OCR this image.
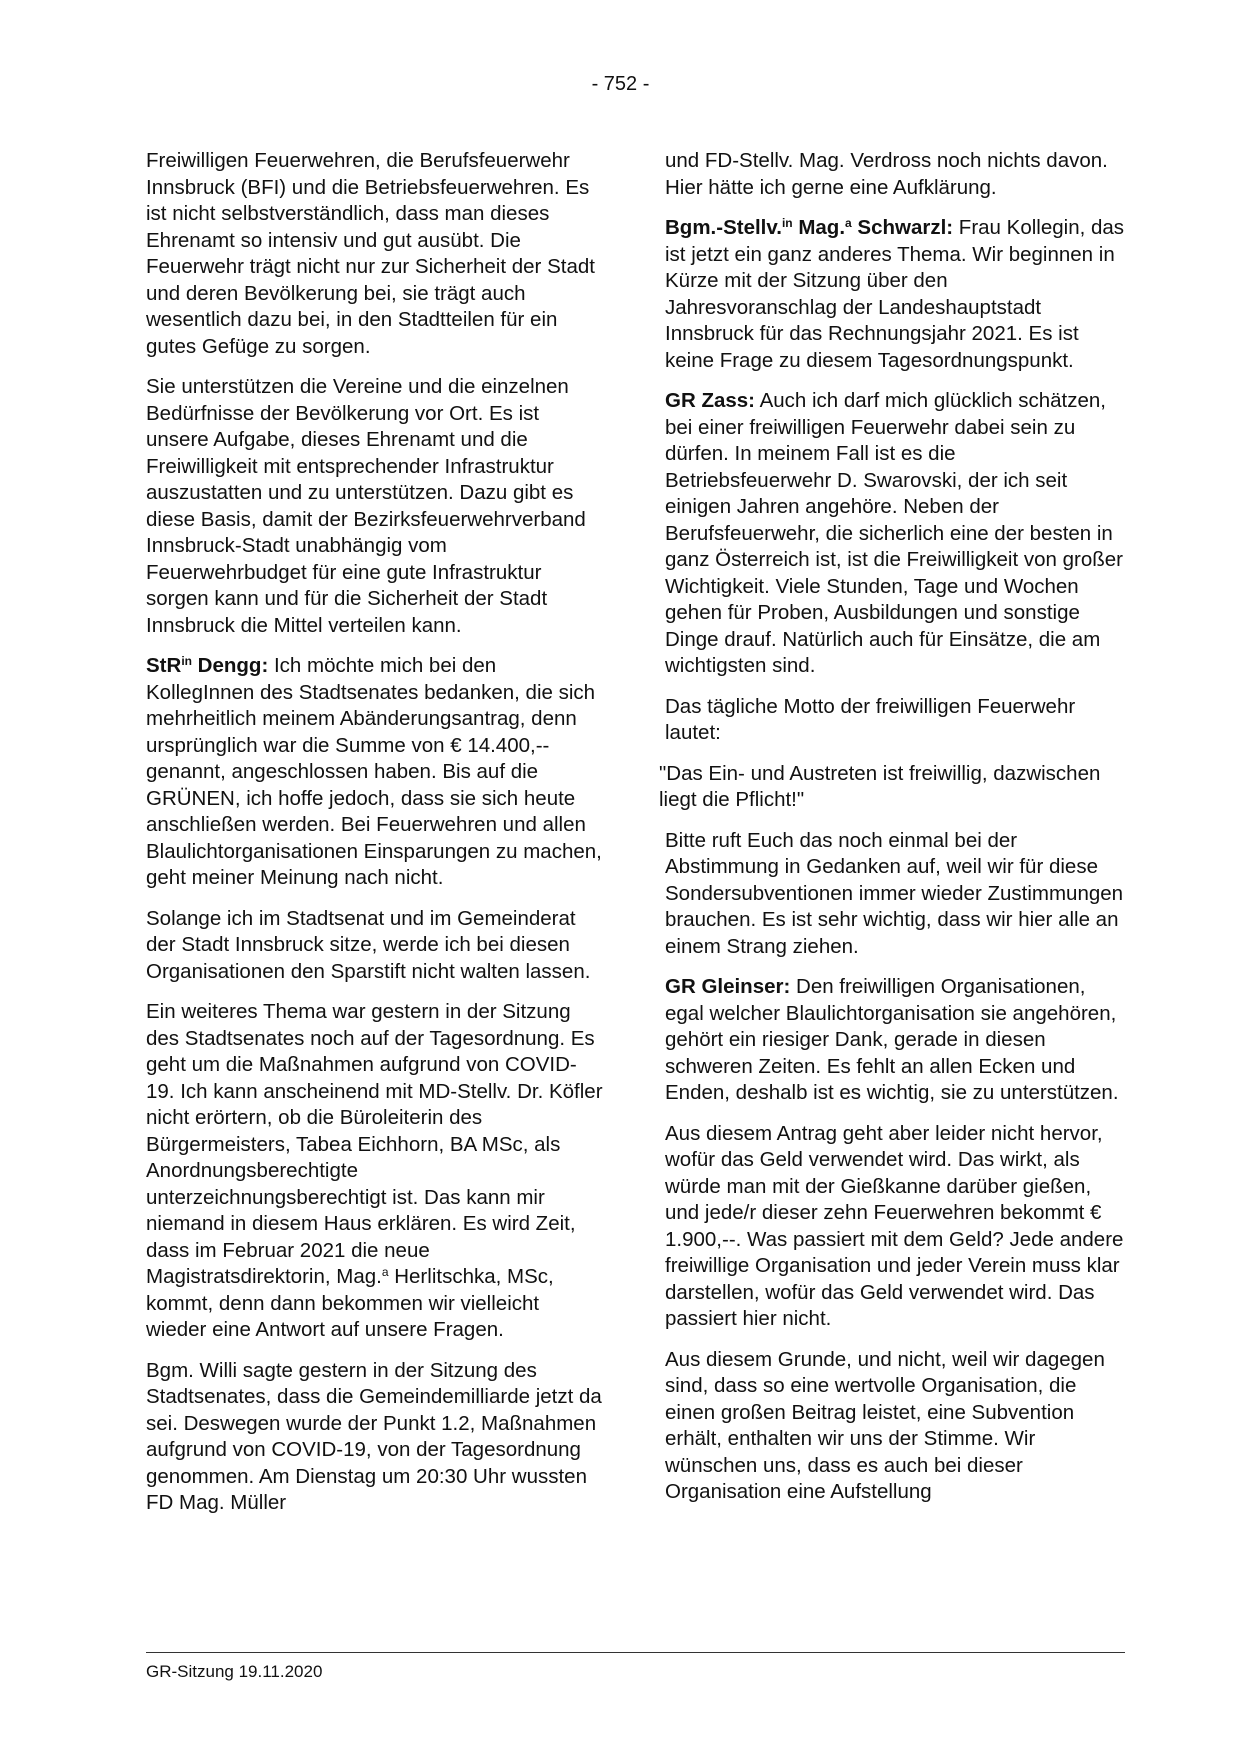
- 752 -

Freiwilligen Feuerwehren, die Berufsfeuerwehr Innsbruck (BFI) und die Betriebsfeuerwehren. Es ist nicht selbstverständlich, dass man dieses Ehrenamt so intensiv und gut ausübt. Die Feuerwehr trägt nicht nur zur Sicherheit der Stadt und deren Bevölkerung bei, sie trägt auch wesentlich dazu bei, in den Stadtteilen für ein gutes Gefüge zu sorgen.

Sie unterstützen die Vereine und die einzelnen Bedürfnisse der Bevölkerung vor Ort. Es ist unsere Aufgabe, dieses Ehrenamt und die Freiwilligkeit mit entsprechender Infrastruktur auszustatten und zu unterstützen. Dazu gibt es diese Basis, damit der Bezirksfeuerwehrverband Innsbruck-Stadt unabhängig vom Feuerwehrbudget für eine gute Infrastruktur sorgen kann und für die Sicherheit der Stadt Innsbruck die Mittel verteilen kann.

StR$^{in}$ Dengg: Ich möchte mich bei den KollegInnen des Stadtsenates bedanken, die sich mehrheitlich meinem Abänderungsantrag, denn ursprünglich war die Summe von € 14.400,-- genannt, angeschlossen haben. Bis auf die GRÜNEN, ich hoffe jedoch, dass sie sich heute anschließen werden. Bei Feuerwehren und allen Blaulichtorganisationen Einsparungen zu machen, geht meiner Meinung nach nicht.

Solange ich im Stadtsenat und im Gemeinderat der Stadt Innsbruck sitze, werde ich bei diesen Organisationen den Sparstift nicht walten lassen.

Ein weiteres Thema war gestern in der Sitzung des Stadtsenates noch auf der Tagesordnung. Es geht um die Maßnahmen aufgrund von COVID-19. Ich kann anscheinend mit MD-Stellv. Dr. Köfler nicht erörtern, ob die Büroleiterin des Bürgermeisters, Tabea Eichhorn, BA MSc, als Anordnungsberechtigte unterzeichnungsberechtigt ist. Das kann mir niemand in diesem Haus erklären. Es wird Zeit, dass im Februar 2021 die neue Magistratsdirektorin, Mag.$^a$ Herlitschka, MSc, kommt, denn dann bekommen wir vielleicht wieder eine Antwort auf unsere Fragen.

Bgm. Willi sagte gestern in der Sitzung des Stadtsenates, dass die Gemeindemilliarde jetzt da sei. Deswegen wurde der Punkt 1.2, Maßnahmen aufgrund von COVID-19, von der Tagesordnung genommen. Am Dienstag um 20:30 Uhr wussten FD Mag. Müller

und FD-Stellv. Mag. Verdross noch nichts davon. Hier hätte ich gerne eine Aufklärung.

Bgm.-Stellv.$^{in}$ Mag.$^a$ Schwarzl: Frau Kollegin, das ist jetzt ein ganz anderes Thema. Wir beginnen in Kürze mit der Sitzung über den Jahresvoranschlag der Landeshauptstadt Innsbruck für das Rechnungsjahr 2021. Es ist keine Frage zu diesem Tagesordnungspunkt.

GR Zass: Auch ich darf mich glücklich schätzen, bei einer freiwilligen Feuerwehr dabei sein zu dürfen. In meinem Fall ist es die Betriebsfeuerwehr D. Swarovski, der ich seit einigen Jahren angehöre. Neben der Berufsfeuerwehr, die sicherlich eine der besten in ganz Österreich ist, ist die Freiwilligkeit von großer Wichtigkeit. Viele Stunden, Tage und Wochen gehen für Proben, Ausbildungen und sonstige Dinge drauf. Natürlich auch für Einsätze, die am wichtigsten sind.

Das tägliche Motto der freiwilligen Feuerwehr lautet:

"Das Ein- und Austreten ist freiwillig, dazwischen liegt die Pflicht!"

Bitte ruft Euch das noch einmal bei der Abstimmung in Gedanken auf, weil wir für diese Sondersubventionen immer wieder Zustimmungen brauchen. Es ist sehr wichtig, dass wir hier alle an einem Strang ziehen.

GR Gleinser: Den freiwilligen Organisationen, egal welcher Blaulichtorganisation sie angehören, gehört ein riesiger Dank, gerade in diesen schweren Zeiten. Es fehlt an allen Ecken und Enden, deshalb ist es wichtig, sie zu unterstützen.

Aus diesem Antrag geht aber leider nicht hervor, wofür das Geld verwendet wird. Das wirkt, als würde man mit der Gießkanne darüber gießen, und jede/r dieser zehn Feuerwehren bekommt € 1.900,--. Was passiert mit dem Geld? Jede andere freiwillige Organisation und jeder Verein muss klar darstellen, wofür das Geld verwendet wird. Das passiert hier nicht.

Aus diesem Grunde, und nicht, weil wir dagegen sind, dass so eine wertvolle Organisation, die einen großen Beitrag leistet, eine Subvention erhält, enthalten wir uns der Stimme. Wir wünschen uns, dass es auch bei dieser Organisation eine Aufstellung

GR-Sitzung 19.11.2020
